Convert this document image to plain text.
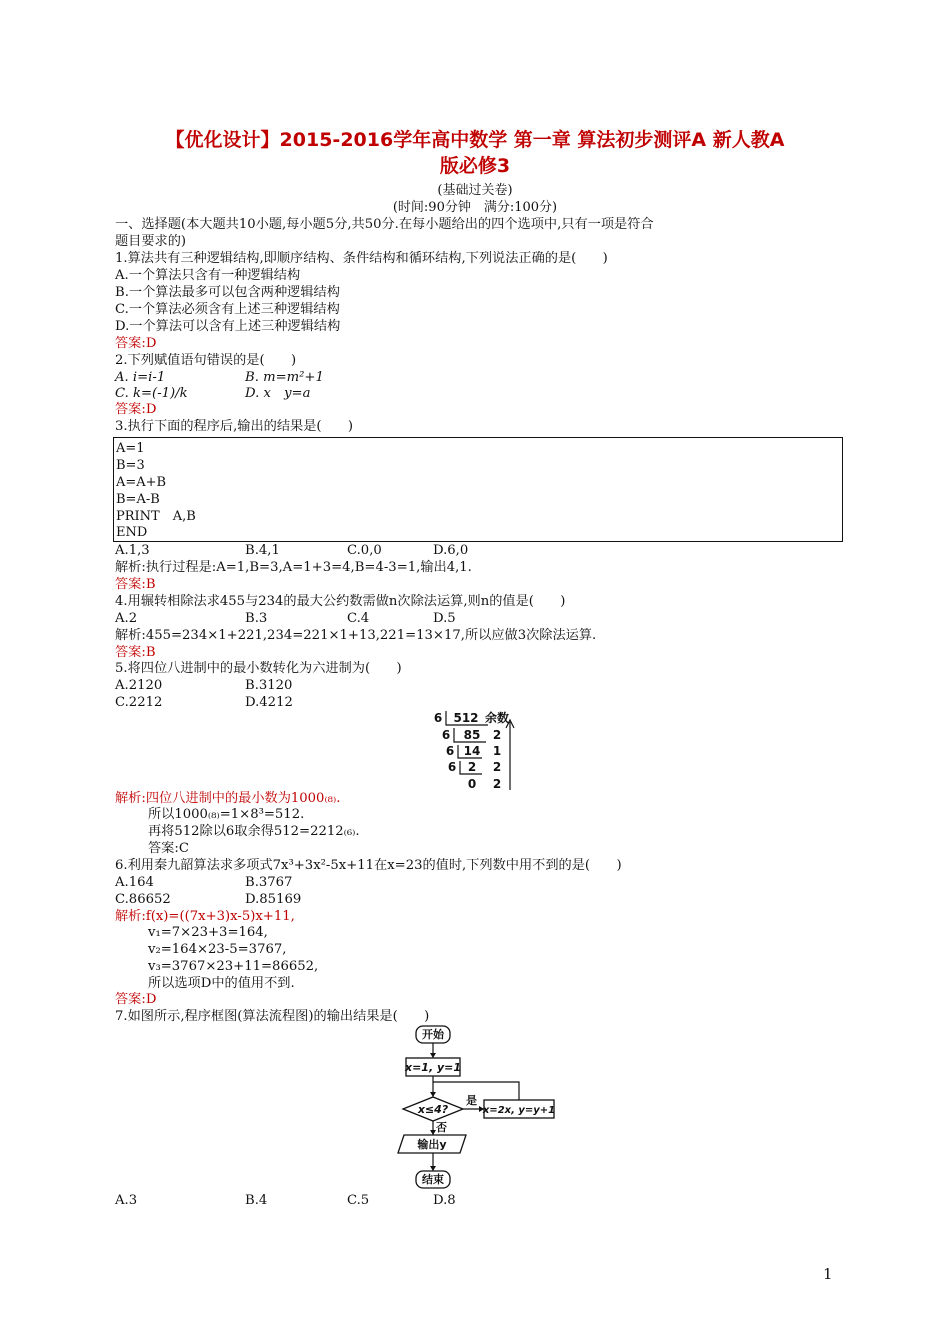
【优化设计】2015-2016学年高中数学 第一章 算法初步测评A 新人教A
版必修3
(基础过关卷)
(时间:90分钟　满分:100分)
一、选择题(本大题共10小题,每小题5分,共50分.在每小题给出的四个选项中,只有一项是符合
题目要求的)
1.算法共有三种逻辑结构,即顺序结构、条件结构和循环结构,下列说法正确的是(　　)
A.一个算法只含有一种逻辑结构
B.一个算法最多可以包含两种逻辑结构
C.一个算法必须含有上述三种逻辑结构
D.一个算法可以含有上述三种逻辑结构
答案:D
2.下列赋值语句错误的是(　　)
A. i=i-1	B. m=m²+1
C. k=(-1)/k	D. x　y=a
答案:D
3.执行下面的程序后,输出的结果是(　　)
A=1
B=3
A=A+B
B=A-B
PRINT　A,B
END
A.1,3	B.4,1	C.0,0	D.6,0
解析:执行过程是:A=1,B=3,A=1+3=4,B=4-3=1,输出4,1.
答案:B
4.用辗转相除法求455与234的最大公约数需做n次除法运算,则n的值是(　　)
A.2	B.3	C.4	D.5
解析:455=234×1+221,234=221×1+13,221=13×17,所以应做3次除法运算.
答案:B
5.将四位八进制中的最小数转化为六进制为(　　)
A.2120	B.3120
C.2212	D.4212
6 512 余数
6 85 2
6 14 1
6 2 2
0 2
解析:四位八进制中的最小数为1000₍₈₎.
所以1000₍₈₎=1×8³=512.
再将512除以6取余得512=2212₍₆₎.
答案:C
6.利用秦九韶算法求多项式7x³+3x²-5x+11在x=23的值时,下列数中用不到的是(　　)
A.164	B.3767
C.86652	D.85169
解析:f(x)=((7x+3)x-5)x+11,
v₁=7×23+3=164,
v₂=164×23-5=3767,
v₃=3767×23+11=86652,
所以选项D中的值用不到.
答案:D
7.如图所示,程序框图(算法流程图)的输出结果是(　　)
开始
x=1, y=1
x≤4?
是
x=2x, y=y+1
否
输出y
结束
A.3	B.4	C.5	D.8
1
